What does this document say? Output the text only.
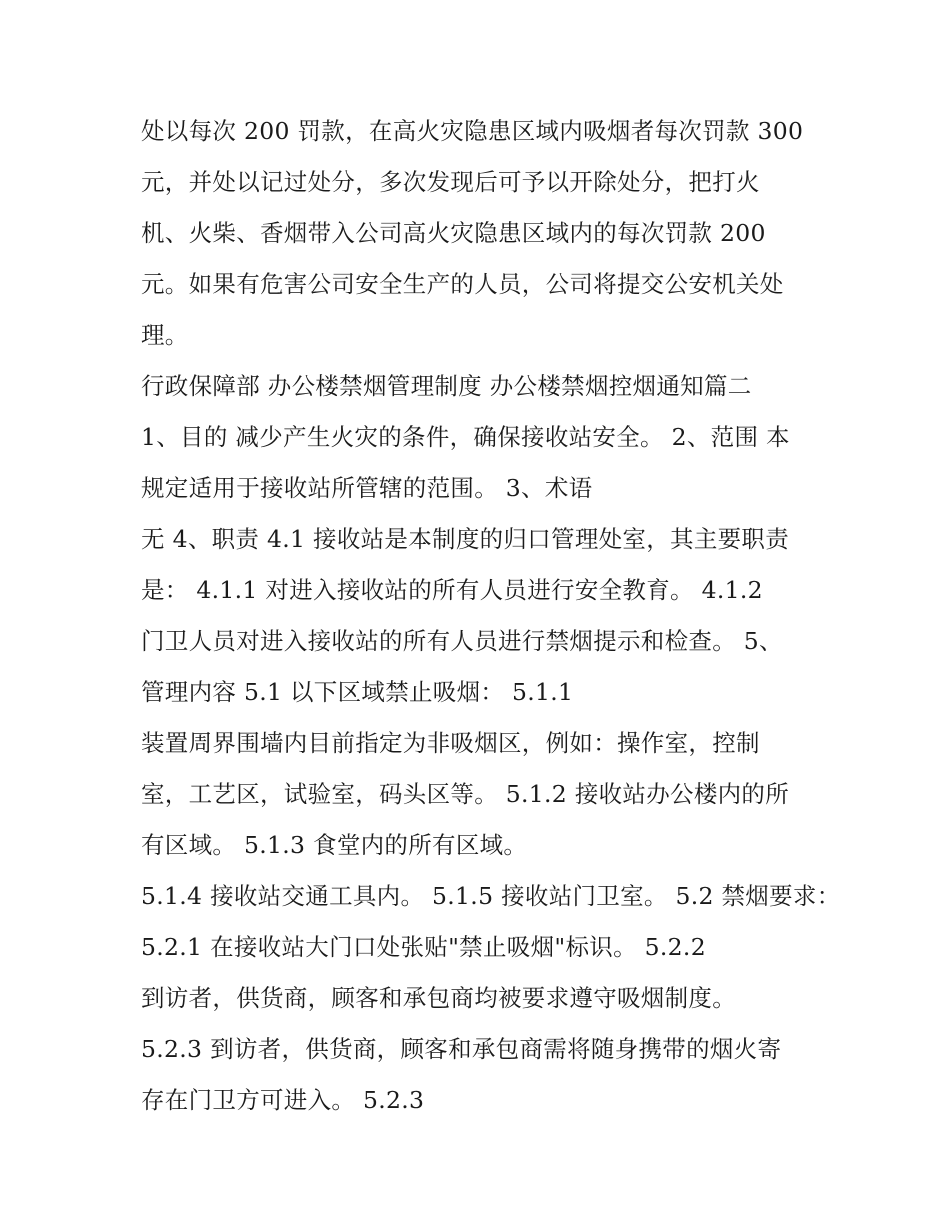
处以每次 200 罚款，在高火灾隐患区域内吸烟者每次罚款 300
元，并处以记过处分，多次发现后可予以开除处分，把打火
机、火柴、香烟带入公司高火灾隐患区域内的每次罚款 200
元。如果有危害公司安全生产的人员，公司将提交公安机关处
理。
行政保障部 办公楼禁烟管理制度 办公楼禁烟控烟通知篇二
1、目的 减少产生火灾的条件，确保接收站安全。 2、范围 本
规定适用于接收站所管辖的范围。 3、术语
无 4、职责 4.1 接收站是本制度的归口管理处室，其主要职责
是： 4.1.1 对进入接收站的所有人员进行安全教育。 4.1.2
门卫人员对进入接收站的所有人员进行禁烟提示和检查。 5、
管理内容 5.1 以下区域禁止吸烟： 5.1.1
装置周界围墙内目前指定为非吸烟区，例如：操作室，控制
室，工艺区，试验室，码头区等。 5.1.2 接收站办公楼内的所
有区域。 5.1.3 食堂内的所有区域。
5.1.4 接收站交通工具内。 5.1.5 接收站门卫室。 5.2 禁烟要求：
5.2.1 在接收站大门口处张贴"禁止吸烟"标识。 5.2.2
到访者，供货商，顾客和承包商均被要求遵守吸烟制度。
5.2.3 到访者，供货商，顾客和承包商需将随身携带的烟火寄
存在门卫方可进入。 5.2.3
